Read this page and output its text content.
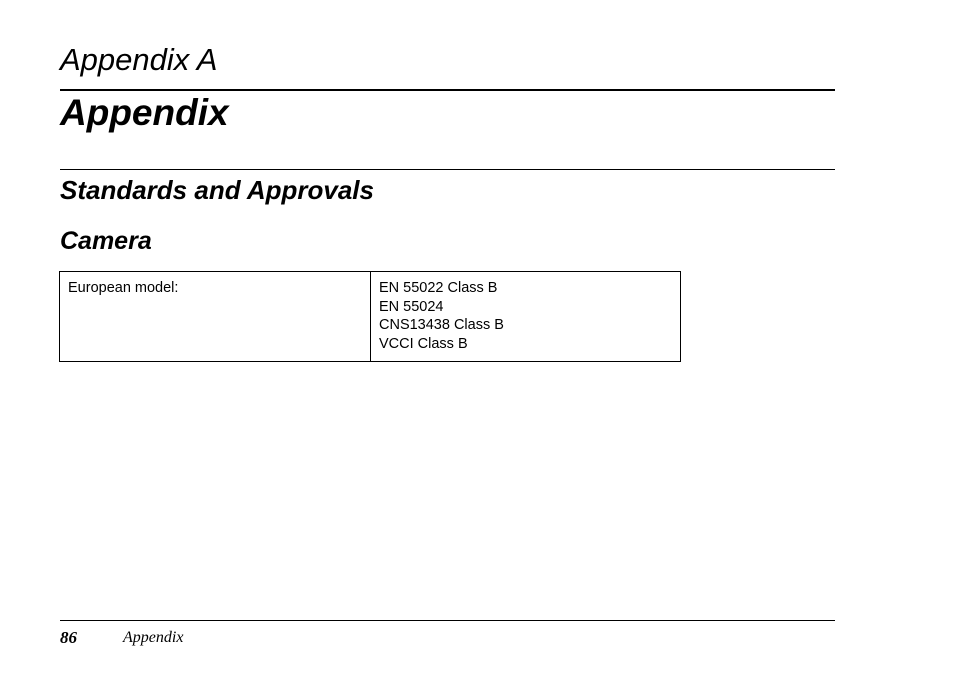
Appendix A
Appendix
Standards and Approvals
Camera
European model:	EN 55022 Class B
EN 55024
CNS13438 Class B
VCCI Class B
86	Appendix
